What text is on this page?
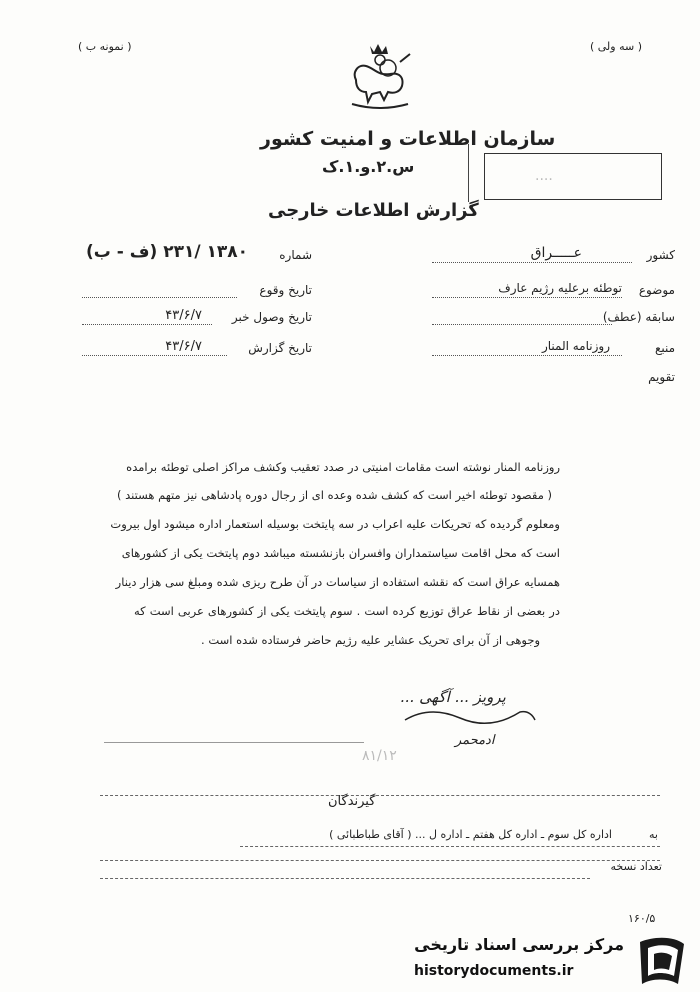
( نمونه ب )	( سه ولی )
سازمان اطلاعات و امنیت کشور
س.۲.و.۱.ک	....
گزارش اطلاعات خارجی
کشور
عـــــراق
موضوع
توطئه برعلیه رژیم عارف
سابقه (عطف)
منبع
روزنامه المنار
تقویم
شماره
۱۳۸۰ /۲۳۱ (ف - ب)
تاریخ وقوع
تاریخ وصول خبر
۴۳/۶/۷
تاریخ گزارش
۴۳/۶/۷
روزنامه المنار نوشته است مقامات امنیتی در صدد تعقیب وکشف مراکز اصلی توطئه برامده
( مقصود توطئه اخیر است که کشف شده وعده ای از رجال دوره پادشاهی نیز متهم هستند )
ومعلوم گردیده که تحریکات علیه اعراب در سه پایتخت بوسیله استعمار اداره میشود اول بیروت
است که محل اقامت سیاستمداران وافسران بازنشسته میباشد دوم پایتخت یکی از کشورهای
همسایه عراق است که نقشه استفاده از سیاسات در آن طرح ریزی شده ومبلغ سی هزار دینار
در بعضی از نقاط عراق توزیع کرده است . سوم پایتخت یکی از کشورهای عربی است که
وجوهی از آن برای تحریک عشایر علیه رژیم حاضر فرستاده شده است .
پرویز ... آگهی ...
ادمحمر
۸۱/۱۲
گیرندگان
به
اداره کل سوم ـ اداره کل هفتم ـ اداره ل ... ( آقای طباطبائی )
تعداد نسخه
۱۶۰/۵
مرکز بررسی اسناد تاریخی
historydocuments.ir
